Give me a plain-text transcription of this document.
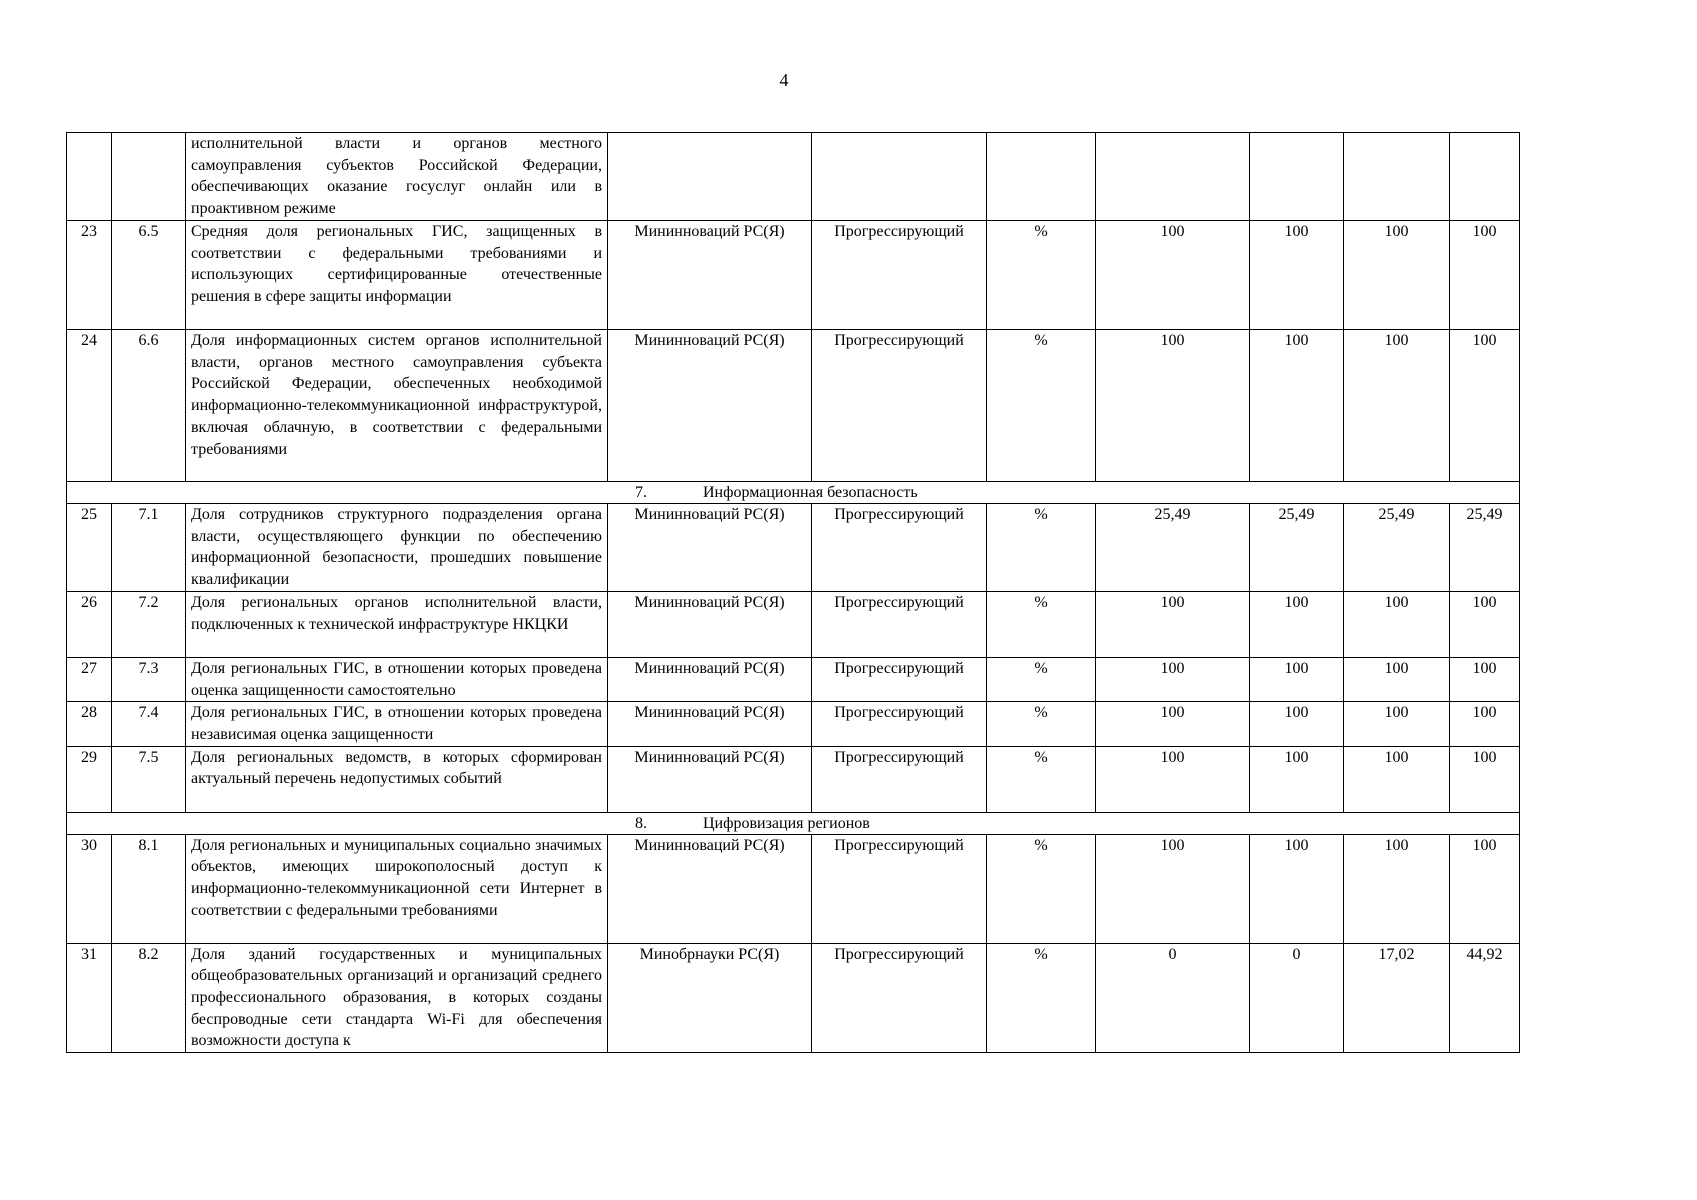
4
		исполнительной власти и органов местного самоуправления субъектов Российской Федерации, обеспечивающих оказание госуслуг онлайн или в проактивном режиме							
23	6.5	Средняя доля региональных ГИС, защищенных в соответствии с федеральными требованиями и использующих сертифицированные отечественные решения в сфере защиты информации	Mининноваций РС(Я)	Прогрессирующий	%	100	100	100	100
24	6.6	Доля информационных систем органов исполнительной власти, органов местного самоуправления субъекта Российской Федерации, обеспеченных необходимой информационно-телекоммуникационной инфраструктурой, включая облачную, в соответствии с федеральными требованиями	Mининноваций РС(Я)	Прогрессирующий	%	100	100	100	100

7. Информационная безопасность									

25	7.1	Доля сотрудников структурного подразделения органа власти, осуществляющего функции по обеспечению информационной безопасности, прошедших повышение квалификации	Mининноваций РС(Я)	Прогрессирующий	%	25,49	25,49	25,49	25,49
26	7.2	Доля региональных органов исполнительной власти, подключенных к технической инфраструктуре НКЦКИ	Mининноваций РС(Я)	Прогрессирующий	%	100	100	100	100
27	7.3	Доля региональных ГИС, в отношении которых проведена оценка защищенности самостоятельно	Mининноваций РС(Я)	Прогрессирующий	%	100	100	100	100
28	7.4	Доля региональных ГИС, в отношении которых проведена независимая оценка защищенности	Mининноваций РС(Я)	Прогрессирующий	%	100	100	100	100
29	7.5	Доля региональных ведомств, в которых сформирован актуальный перечень недопустимых событий	Mининноваций РС(Я)	Прогрессирующий	%	100	100	100	100

8. Цифровизация регионов									

30	8.1	Доля региональных и муниципальных социально значимых объектов, имеющих широкополосный доступ к информационно-телекоммуникационной сети Интернет в соответствии с федеральными требованиями	Mининноваций РС(Я)	Прогрессирующий	%	100	100	100	100
31	8.2	Доля зданий государственных и муниципальных общеобразовательных организаций и организаций среднего профессионального образования, в которых созданы беспроводные сети стандарта Wi-Fi для обеспечения возможности доступа к	Минобрнауки РС(Я)	Прогрессирующий	%	0	0	17,02	44,92
